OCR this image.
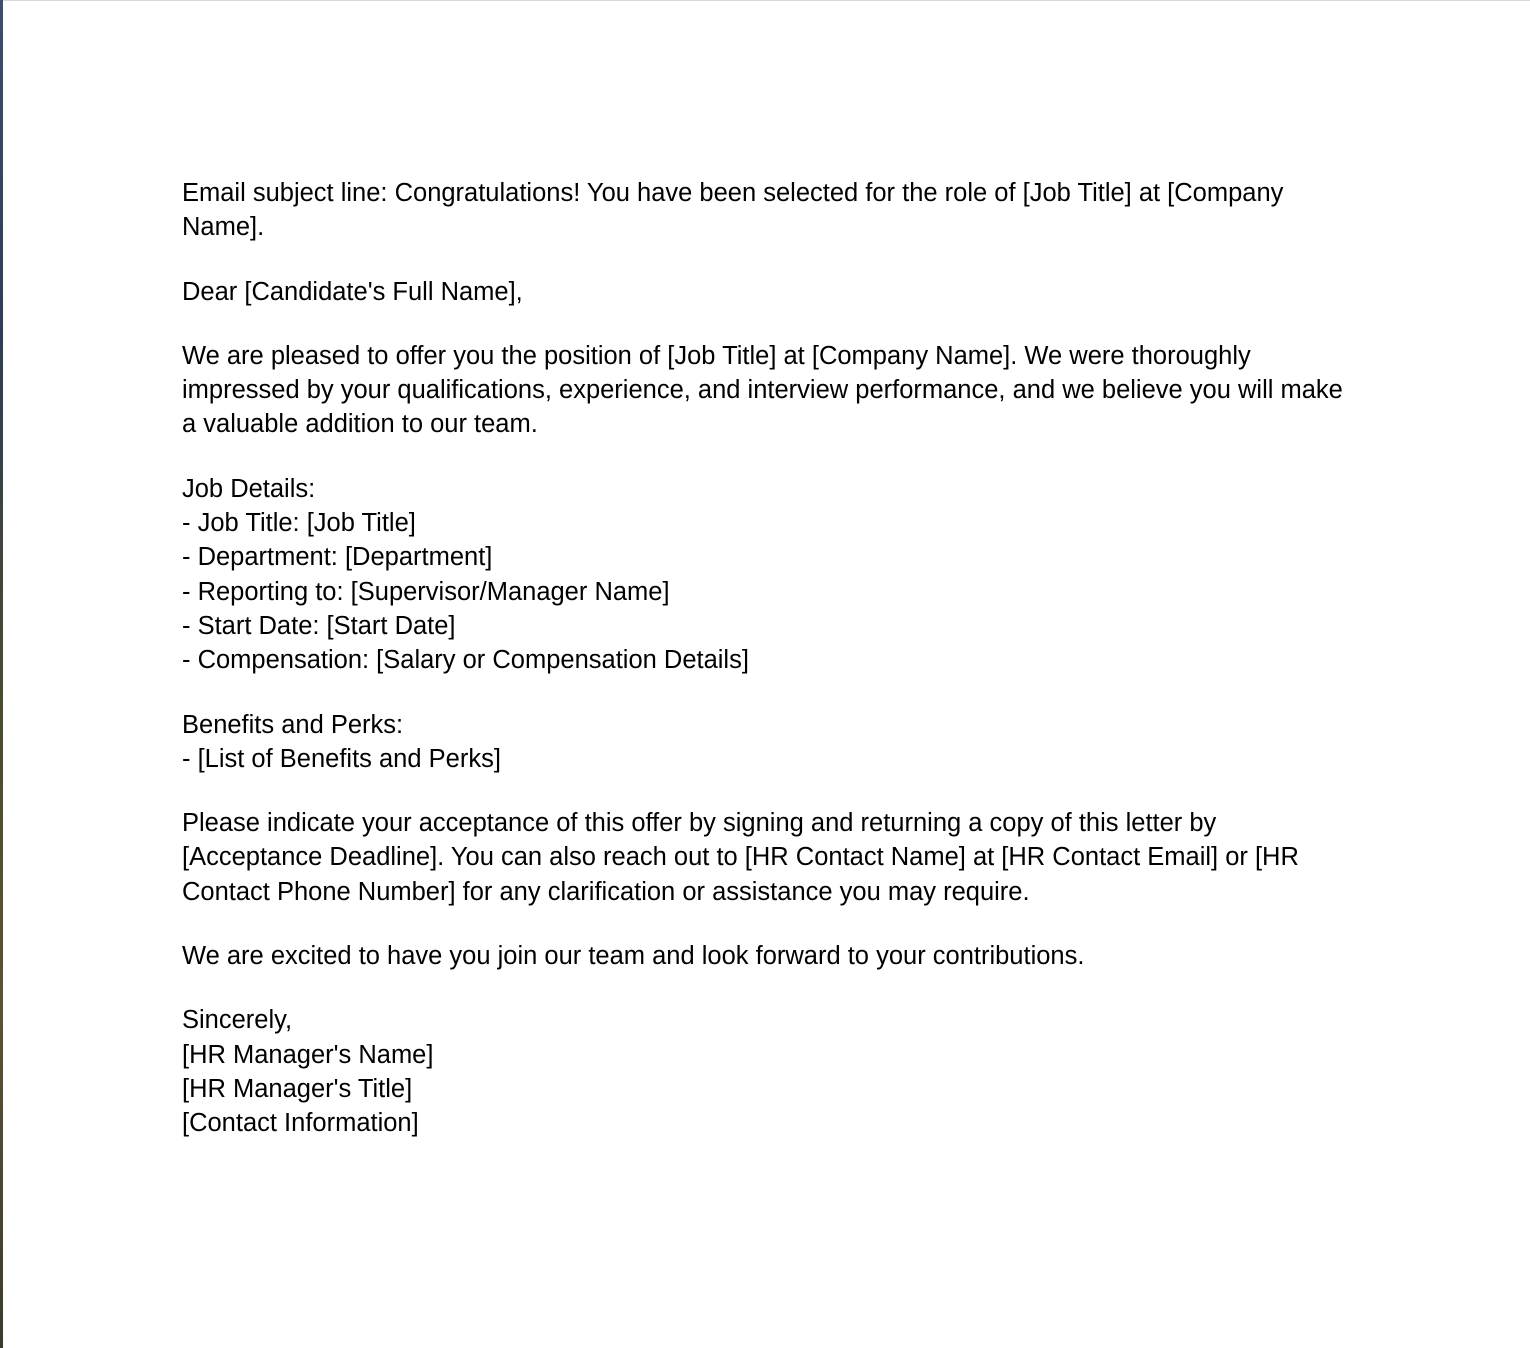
Email subject line: Congratulations! You have been selected for the role of [Job Title] at [Company Name].

Dear [Candidate's Full Name],

We are pleased to offer you the position of [Job Title] at [Company Name]. We were thoroughly impressed by your qualifications, experience, and interview performance, and we believe you will make a valuable addition to our team.

Job Details:
- Job Title: [Job Title]
- Department: [Department]
- Reporting to: [Supervisor/Manager Name]
- Start Date: [Start Date]
- Compensation: [Salary or Compensation Details]

Benefits and Perks:
- [List of Benefits and Perks]

Please indicate your acceptance of this offer by signing and returning a copy of this letter by [Acceptance Deadline]. You can also reach out to [HR Contact Name] at [HR Contact Email] or [HR Contact Phone Number] for any clarification or assistance you may require.

We are excited to have you join our team and look forward to your contributions.

Sincerely,
[HR Manager's Name]
[HR Manager's Title]
[Contact Information]
